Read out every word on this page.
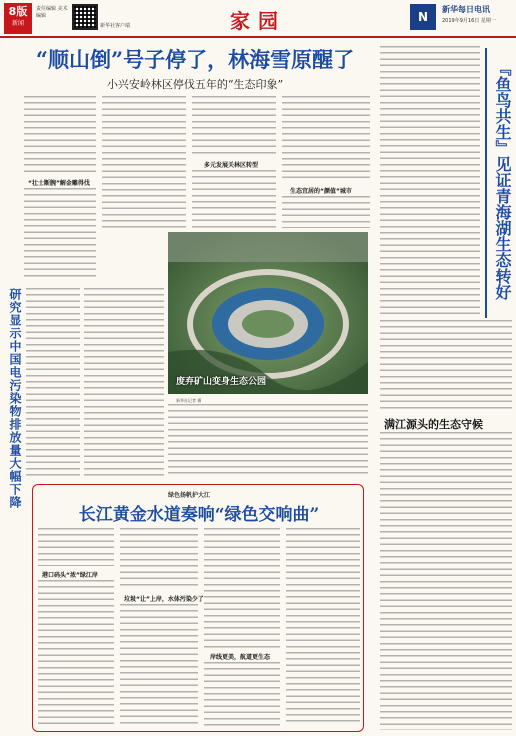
8版
新闻
责任编辑 美术编辑
新华社客户端	家园	N
新华每日电讯
2019年9月16日 星期一
“顺山倒”号子停了，林海雪原醒了
小兴安岭林区停伐五年的“生态印象”
“壮士断腕”解金雕得伐
多元发展关林区转型
生态宜居的“颜值”城市
研究显示中国电污染物排放量大幅下降	废弃矿山变身生态公园
新华社记者 摄
『鱼鸟共生』见证青海湖生态转好
满江源头的生态守候
绿色扬帆护大江
长江黄金水道奏响“绿色交响曲”
港口码头“浓”绿江岸
垃圾“让”上岸，水体污染少了
岸线更美，航道更生态
